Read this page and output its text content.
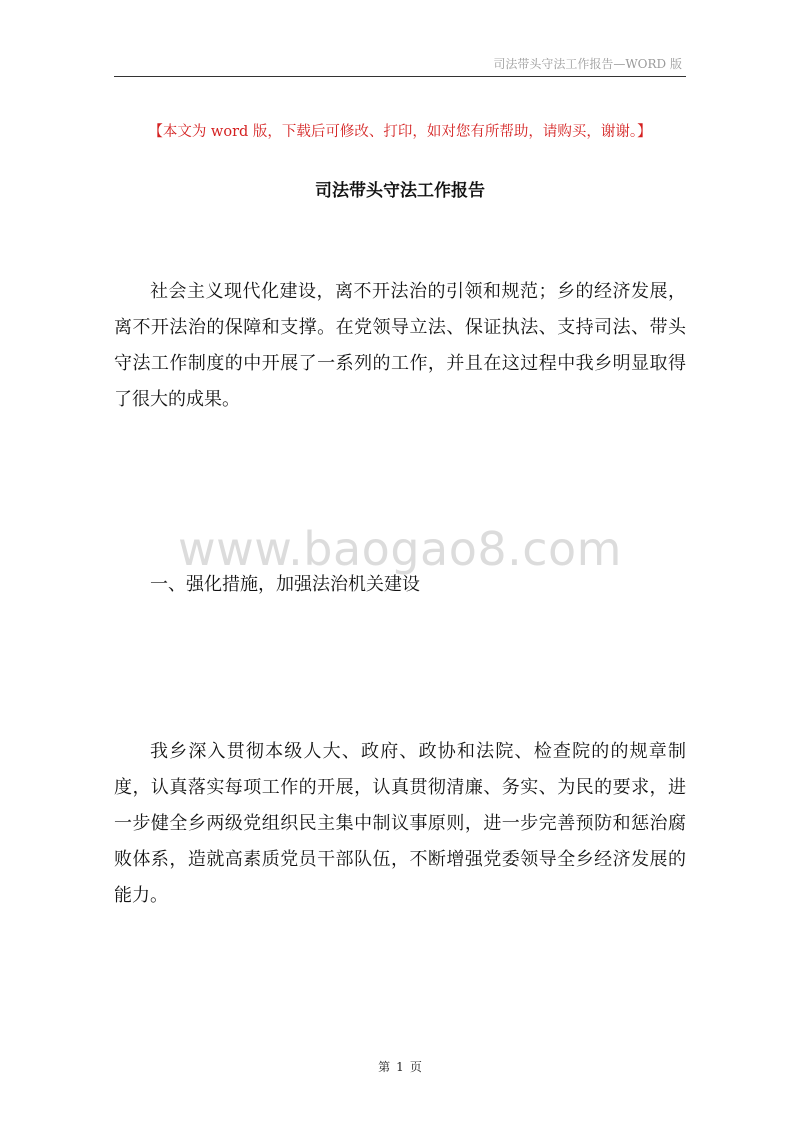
司法带头守法工作报告—WORD 版
【本文为 word 版，下载后可修改、打印，如对您有所帮助，请购买，谢谢。】
司法带头守法工作报告

社会主义现代化建设，离不开法治的引领和规范；乡的经济发展，离不开法治的保障和支撑。在党领导立法、保证执法、支持司法、带头守法工作制度的中开展了一系列的工作，并且在这过程中我乡明显取得了很大的成果。

www.baogao8.com
一、强化措施，加强法治机关建设

我乡深入贯彻本级人大、政府、政协和法院、检查院的的规章制度，认真落实每项工作的开展，认真贯彻清廉、务实、为民的要求，进一步健全乡两级党组织民主集中制议事原则，进一步完善预防和惩治腐败体系，造就高素质党员干部队伍，不断增强党委领导全乡经济发展的能力。

第 1 页
